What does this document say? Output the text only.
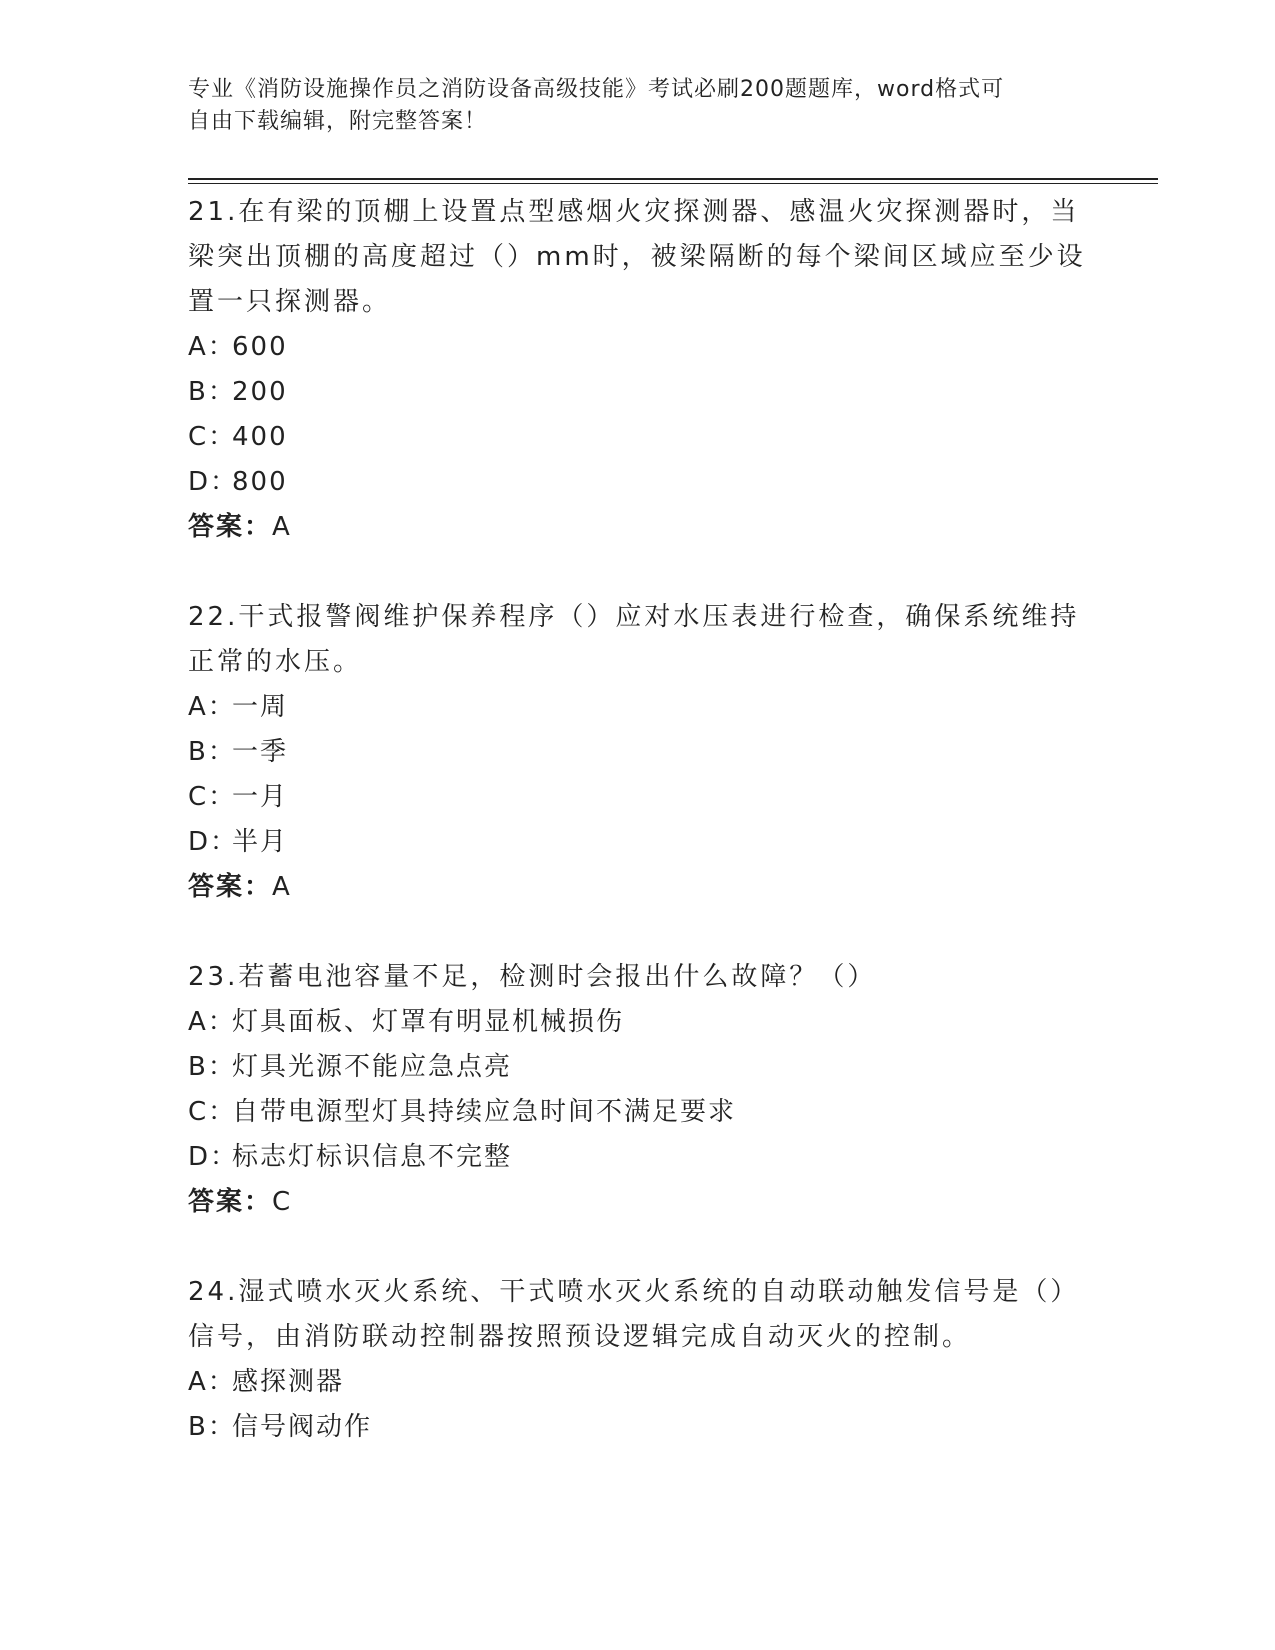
专业《消防设施操作员之消防设备高级技能》考试必刷200题题库，word格式可
自由下载编辑，附完整答案！

21.在有梁的顶棚上设置点型感烟火灾探测器、感温火灾探测器时，当

梁突出顶棚的高度超过（）mm时，被梁隔断的每个梁间区域应至少设

置一只探测器。

A：600

B：200

C：400

D：800

答案：A

22.干式报警阀维护保养程序（）应对水压表进行检查，确保系统维持

正常的水压。

A：一周

B：一季

C：一月

D：半月

答案：A

23.若蓄电池容量不足，检测时会报出什么故障？（）

A：灯具面板、灯罩有明显机械损伤

B：灯具光源不能应急点亮

C：自带电源型灯具持续应急时间不满足要求

D：标志灯标识信息不完整

答案：C

24.湿式喷水灭火系统、干式喷水灭火系统的自动联动触发信号是（）

信号，由消防联动控制器按照预设逻辑完成自动灭火的控制。

A：感探测器

B：信号阀动作
